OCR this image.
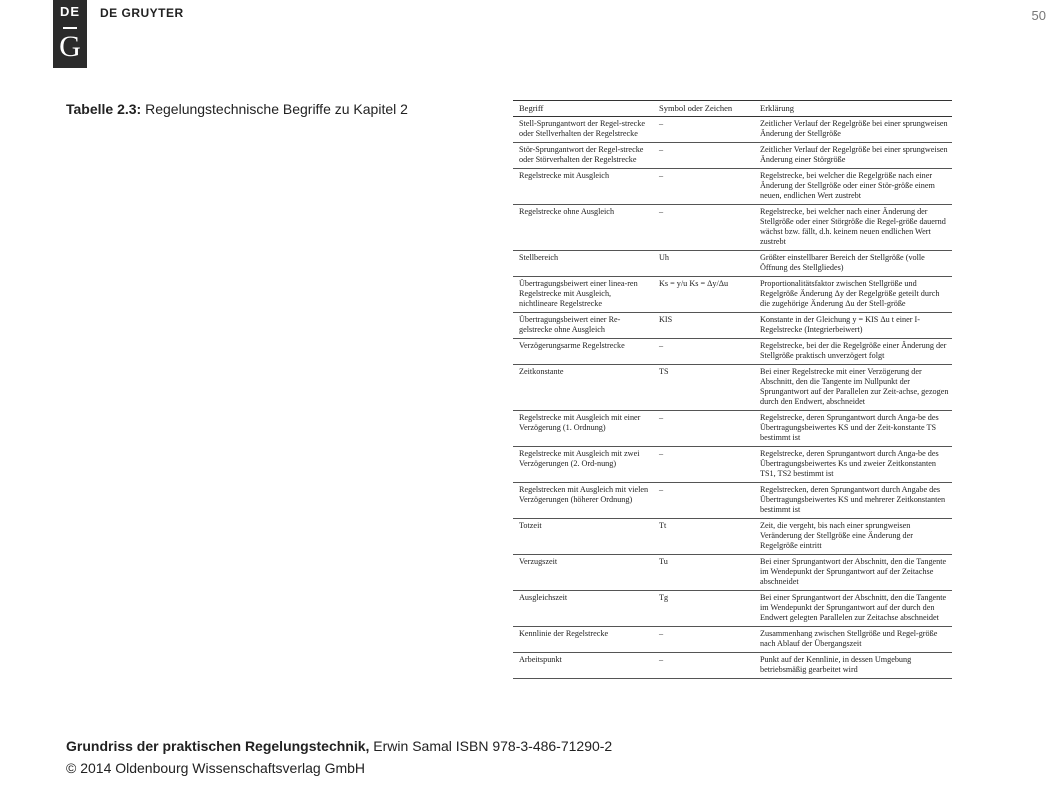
DE
G
DE GRUYTER	50
Tabelle 2.3: Regelungstechnische Begriffe zu Kapitel 2	Begriff	Symbol oder Zeichen	Erklärung
Stell-Sprungantwort der Regel-strecke oder Stellverhalten der Regelstrecke	–	Zeitlicher Verlauf der Regelgröße bei einer sprungweisen Änderung der Stellgröße
Stör-Sprungantwort der Regel-strecke oder Störverhalten der Regelstrecke	–	Zeitlicher Verlauf der Regelgröße bei einer sprungweisen Änderung einer Störgröße
Regelstrecke mit Ausgleich	–	Regelstrecke, bei welcher die Regelgröße nach einer Änderung der Stellgröße oder einer Stör-größe einem neuen, endlichen Wert zustrebt
Regelstrecke ohne Ausgleich	–	Regelstrecke, bei welcher nach einer Änderung der Stellgröße oder einer Störgröße die Regel-größe dauernd wächst bzw. fällt, d.h. keinem neuen endlichen Wert zustrebt
Stellbereich	Uh	Größter einstellbarer Bereich der Stellgröße (volle Öffnung des Stellgliedes)
Übertragungsbeiwert einer linea-ren Regelstrecke mit Ausgleich, nichtlineare Regelstrecke	Ks = y/u Ks = Δy/Δu	Proportionalitätsfaktor zwischen Stellgröße und Regelgröße Änderung Δy der Regelgröße geteilt durch die zugehörige Änderung Δu der Stell-größe
Übertragungsbeiwert einer Re-gelstrecke ohne Ausgleich	KIS	Konstante in der Gleichung y = KIS Δu t einer I-Regelstrecke (Integrierbeiwert)
Verzögerungsarme Regelstrecke	–	Regelstrecke, bei der die Regelgröße einer Änderung der Stellgröße praktisch unverzögert folgt
Zeitkonstante	TS	Bei einer Regelstrecke mit einer Verzögerung der Abschnitt, den die Tangente im Nullpunkt der Sprungantwort auf der Parallelen zur Zeit-achse, gezogen durch den Endwert, abschneidet
Regelstrecke mit Ausgleich mit einer Verzögerung (1. Ordnung)	–	Regelstrecke, deren Sprungantwort durch Anga-be des Übertragungsbeiwertes KS und der Zeit-konstante TS bestimmt ist
Regelstrecke mit Ausgleich mit zwei Verzögerungen (2. Ord-nung)	–	Regelstrecke, deren Sprungantwort durch Anga-be des Übertragungsbeiwertes Ks und zweier Zeitkonstanten TS1, TS2 bestimmt ist
Regelstrecken mit Ausgleich mit vielen Verzögerungen (höherer Ordnung)	–	Regelstrecken, deren Sprungantwort durch Angabe des Übertragungsbeiwertes KS und mehrerer Zeitkonstanten bestimmt ist
Totzeit	Tt	Zeit, die vergeht, bis nach einer sprungweisen Veränderung der Stellgröße eine Änderung der Regelgröße eintritt
Verzugszeit	Tu	Bei einer Sprungantwort der Abschnitt, den die Tangente im Wendepunkt der Sprungantwort auf der Zeitachse abschneidet
Ausgleichszeit	Tg	Bei einer Sprungantwort der Abschnitt, den die Tangente im Wendepunkt der Sprungantwort auf der durch den Endwert gelegten Parallelen zur Zeitachse abschneidet
Kennlinie der Regelstrecke	–	Zusammenhang zwischen Stellgröße und Regel-größe nach Ablauf der Übergangszeit
Arbeitspunkt	–	Punkt auf der Kennlinie, in dessen Umgebung betriebsmäßig gearbeitet wird
Grundriss der praktischen Regelungstechnik, Erwin Samal ISBN 978-3-486-71290-2
© 2014 Oldenbourg Wissenschaftsverlag GmbH
